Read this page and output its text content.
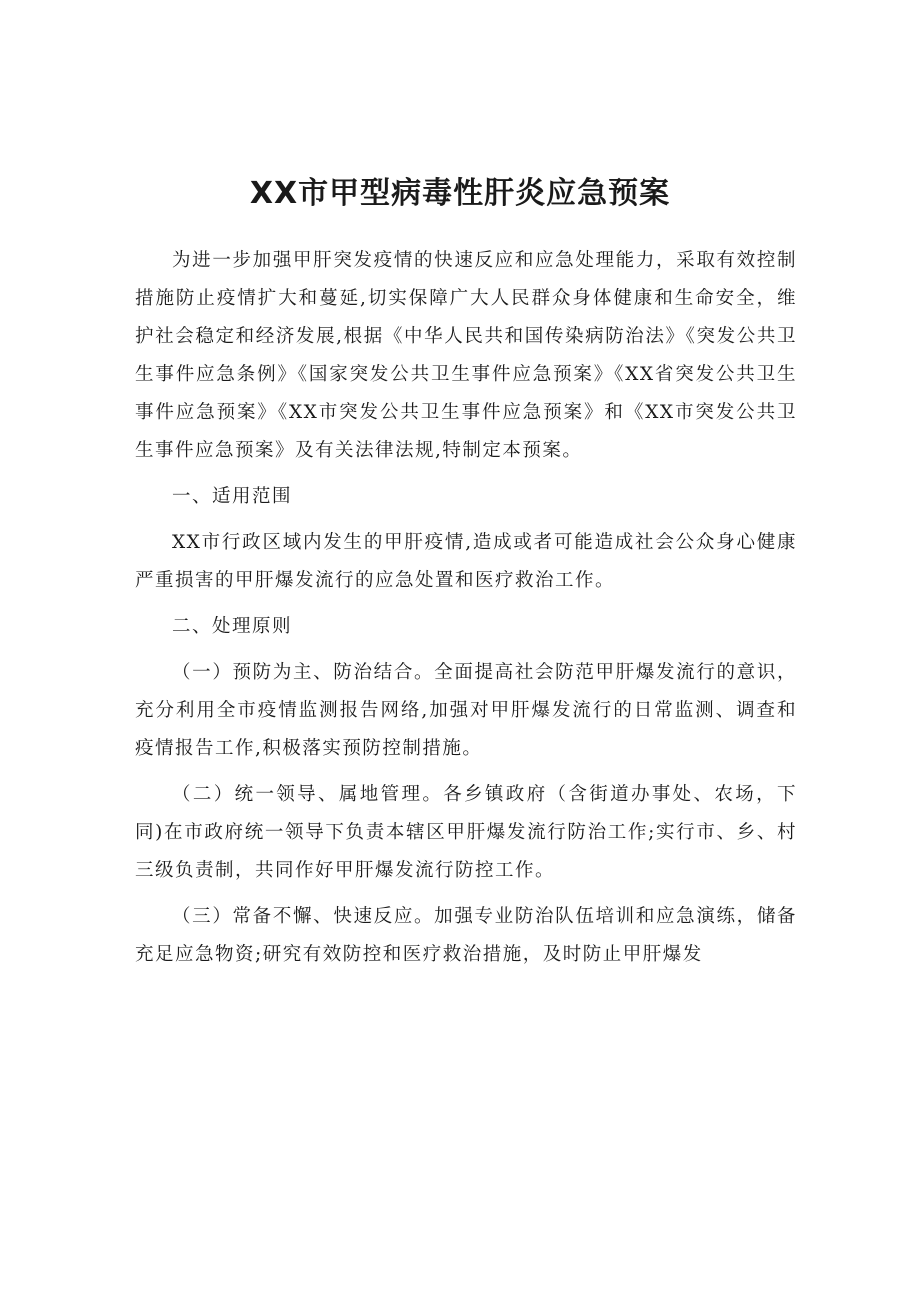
XX市甲型病毒性肝炎应急预案

为进一步加强甲肝突发疫情的快速反应和应急处理能力，采取有效控制措施防止疫情扩大和蔓延,切实保障广大人民群众身体健康和生命安全，维护社会稳定和经济发展,根据《中华人民共和国传染病防治法》《突发公共卫生事件应急条例》《国家突发公共卫生事件应急预案》《XX省突发公共卫生事件应急预案》《XX市突发公共卫生事件应急预案》和《XX市突发公共卫生事件应急预案》及有关法律法规,特制定本预案。

一、适用范围

XX市行政区域内发生的甲肝疫情,造成或者可能造成社会公众身心健康严重损害的甲肝爆发流行的应急处置和医疗救治工作。

二、处理原则

（一）预防为主、防治结合。全面提高社会防范甲肝爆发流行的意识，充分利用全市疫情监测报告网络,加强对甲肝爆发流行的日常监测、调查和疫情报告工作,积极落实预防控制措施。

（二）统一领导、属地管理。各乡镇政府（含街道办事处、农场，下同)在市政府统一领导下负责本辖区甲肝爆发流行防治工作;实行市、乡、村三级负责制，共同作好甲肝爆发流行防控工作。

（三）常备不懈、快速反应。加强专业防治队伍培训和应急演练，储备充足应急物资;研究有效防控和医疗救治措施，及时防止甲肝爆发
